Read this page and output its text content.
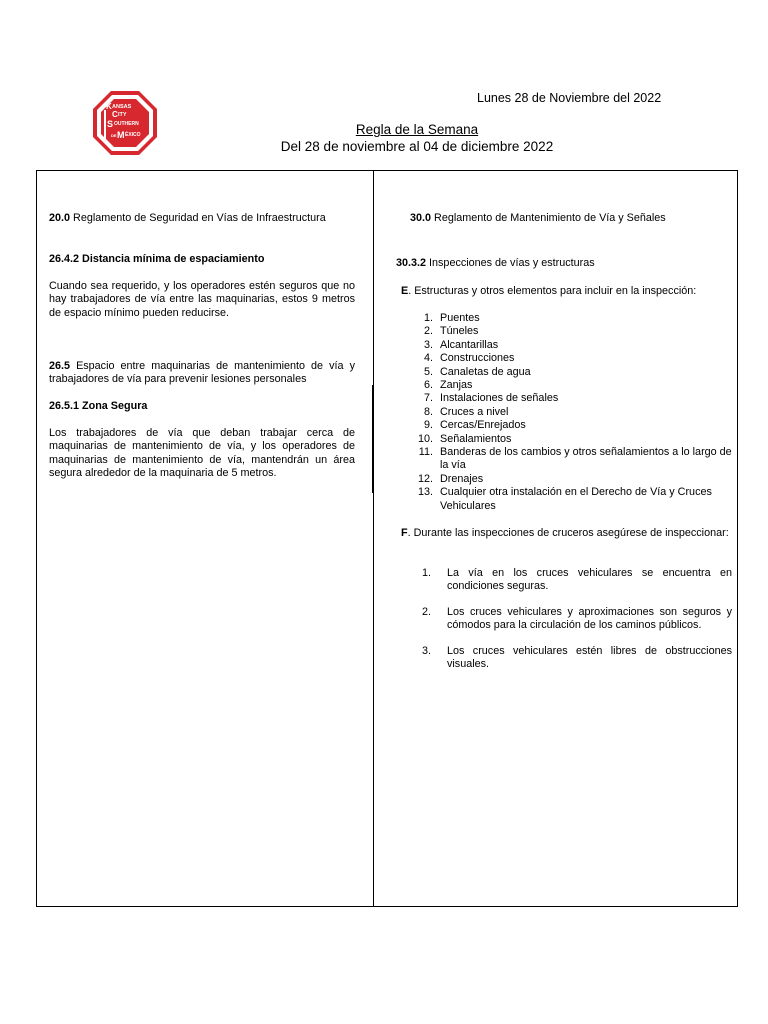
K ANSAS
C ITY
S OUTHERN
DE M ÉXICO
Lunes 28 de Noviembre del 2022
Regla de la Semana
Del 28 de noviembre al 04 de diciembre 2022
20.0 Reglamento de Seguridad en Vías de Infraestructura
26.4.2 Distancia mínima de espaciamiento
Cuando sea requerido, y los operadores estén seguros que no hay trabajadores de vía entre las maquinarias, estos 9 metros de espacio mínimo pueden reducirse.
26.5 Espacio entre maquinarias de mantenimiento de vía y trabajadores de vía para prevenir lesiones personales
26.5.1 Zona Segura
Los trabajadores de vía que deban trabajar cerca de maquinarias de mantenimiento de vía, y los operadores de maquinarias de mantenimiento de vía, mantendrán un área segura alrededor de la maquinaria de 5 metros.
30.0 Reglamento de Mantenimiento de Vía y Señales
30.3.2 Inspecciones de vías y estructuras
E. Estructuras y otros elementos para incluir en la inspección:
1. Puentes
2. Túneles
3. Alcantarillas
4. Construcciones
5. Canaletas de agua
6. Zanjas
7. Instalaciones de señales
8. Cruces a nivel
9. Cercas/Enrejados
10. Señalamientos
11. Banderas de los cambios y otros señalamientos a lo largo de la vía
12. Drenajes
13. Cualquier otra instalación en el Derecho de Vía y Cruces Vehiculares
F. Durante las inspecciones de cruceros asegúrese de inspeccionar:
1. La vía en los cruces vehiculares se encuentra en condiciones seguras.
2. Los cruces vehiculares y aproximaciones son seguros y cómodos para la circulación de los caminos públicos.
3. Los cruces vehiculares estén libres de obstrucciones visuales.
